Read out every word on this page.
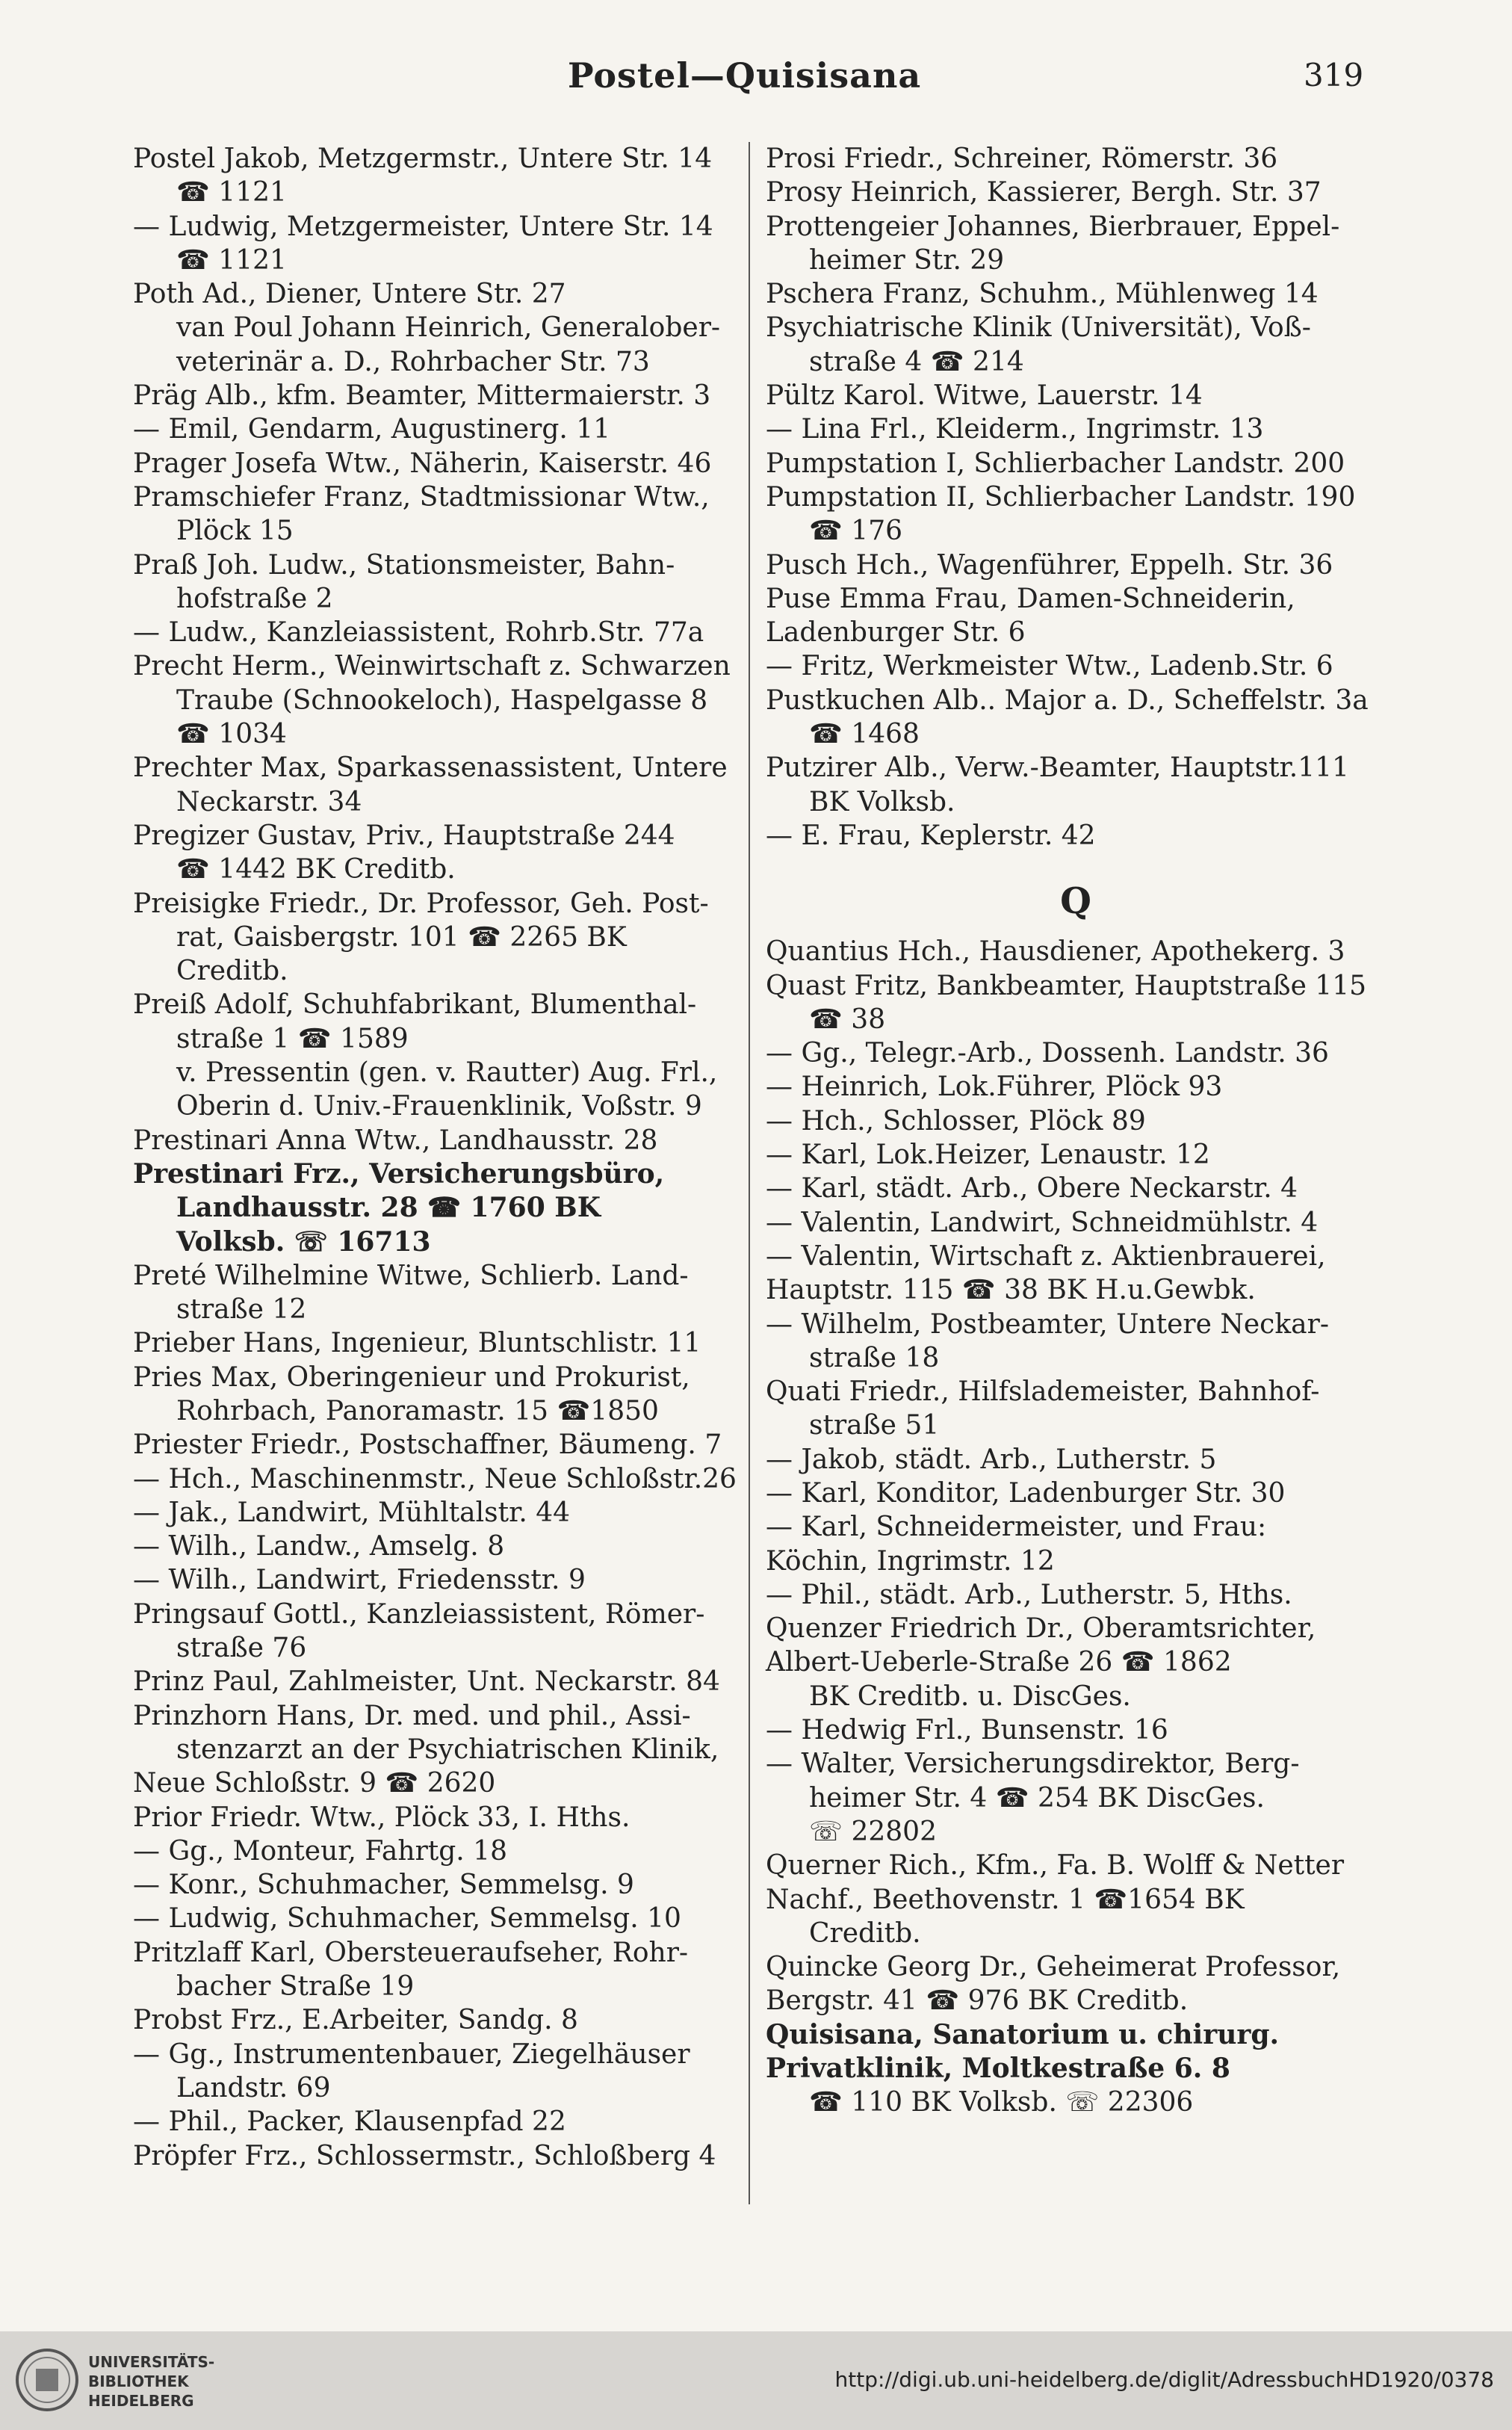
Postel—Quisisana	319
Postel Jakob, Metzgermstr., Untere Str. 14
☎ 1121
— Ludwig, Metzgermeister, Untere Str. 14
☎ 1121
Poth Ad., Diener, Untere Str. 27
van Poul Johann Heinrich, Generalober-
veterinär a. D., Rohrbacher Str. 73
Präg Alb., kfm. Beamter, Mittermaierstr. 3
— Emil, Gendarm, Augustinerg. 11
Prager Josefa Wtw., Näherin, Kaiserstr. 46
Pramschiefer Franz, Stadtmissionar Wtw.,
Plöck 15
Praß Joh. Ludw., Stationsmeister, Bahn-
hofstraße 2
— Ludw., Kanzleiassistent, Rohrb.Str. 77a
Precht Herm., Weinwirtschaft z. Schwarzen
Traube (Schnookeloch), Haspelgasse 8
☎ 1034
Prechter Max, Sparkassenassistent, Untere
Neckarstr. 34
Pregizer Gustav, Priv., Hauptstraße 244
☎ 1442 BK Creditb.
Preisigke Friedr., Dr. Professor, Geh. Post-
rat, Gaisbergstr. 101 ☎ 2265 BK
Creditb.
Preiß Adolf, Schuhfabrikant, Blumenthal-
straße 1 ☎ 1589
v. Pressentin (gen. v. Rautter) Aug. Frl.,
Oberin d. Univ.-Frauenklinik, Voßstr. 9
Prestinari Anna Wtw., Landhausstr. 28
Prestinari Frz., Versicherungsbüro,
Landhausstr. 28 ☎ 1760 BK
Volksb. ☏ 16713
Preté Wilhelmine Witwe, Schlierb. Land-
straße 12
Prieber Hans, Ingenieur, Bluntschlistr. 11
Pries Max, Oberingenieur und Prokurist,
Rohrbach, Panoramastr. 15 ☎1850
Priester Friedr., Postschaffner, Bäumeng. 7
— Hch., Maschinenmstr., Neue Schloßstr.26
— Jak., Landwirt, Mühltalstr. 44
— Wilh., Landw., Amselg. 8
— Wilh., Landwirt, Friedensstr. 9
Pringsauf Gottl., Kanzleiassistent, Römer-
straße 76
Prinz Paul, Zahlmeister, Unt. Neckarstr. 84
Prinzhorn Hans, Dr. med. und phil., Assi-
stenzarzt an der Psychiatrischen Klinik,
Neue Schloßstr. 9 ☎ 2620
Prior Friedr. Wtw., Plöck 33, I. Hths.
— Gg., Monteur, Fahrtg. 18
— Konr., Schuhmacher, Semmelsg. 9
— Ludwig, Schuhmacher, Semmelsg. 10
Pritzlaff Karl, Obersteueraufseher, Rohr-
bacher Straße 19
Probst Frz., E.Arbeiter, Sandg. 8
— Gg., Instrumentenbauer, Ziegelhäuser
Landstr. 69
— Phil., Packer, Klausenpfad 22
Pröpfer Frz., Schlossermstr., Schloßberg 4
Prosi Friedr., Schreiner, Römerstr. 36
Prosy Heinrich, Kassierer, Bergh. Str. 37
Prottengeier Johannes, Bierbrauer, Eppel-
heimer Str. 29
Pschera Franz, Schuhm., Mühlenweg 14
Psychiatrische Klinik (Universität), Voß-
straße 4 ☎ 214
Pültz Karol. Witwe, Lauerstr. 14
— Lina Frl., Kleiderm., Ingrimstr. 13
Pumpstation I, Schlierbacher Landstr. 200
Pumpstation II, Schlierbacher Landstr. 190
☎ 176
Pusch Hch., Wagenführer, Eppelh. Str. 36
Puse Emma Frau, Damen-Schneiderin,
Ladenburger Str. 6
— Fritz, Werkmeister Wtw., Ladenb.Str. 6
Pustkuchen Alb.. Major a. D., Scheffelstr. 3a
☎ 1468
Putzirer Alb., Verw.-Beamter, Hauptstr.111
BK Volksb.
— E. Frau, Keplerstr. 42
Q
Quantius Hch., Hausdiener, Apothekerg. 3
Quast Fritz, Bankbeamter, Hauptstraße 115
☎ 38
— Gg., Telegr.-Arb., Dossenh. Landstr. 36
— Heinrich, Lok.Führer, Plöck 93
— Hch., Schlosser, Plöck 89
— Karl, Lok.Heizer, Lenaustr. 12
— Karl, städt. Arb., Obere Neckarstr. 4
— Valentin, Landwirt, Schneidmühlstr. 4
— Valentin, Wirtschaft z. Aktienbrauerei,
Hauptstr. 115 ☎ 38 BK H.u.Gewbk.
— Wilhelm, Postbeamter, Untere Neckar-
straße 18
Quati Friedr., Hilfslademeister, Bahnhof-
straße 51
— Jakob, städt. Arb., Lutherstr. 5
— Karl, Konditor, Ladenburger Str. 30
— Karl, Schneidermeister, und Frau:
Köchin, Ingrimstr. 12
— Phil., städt. Arb., Lutherstr. 5, Hths.
Quenzer Friedrich Dr., Oberamtsrichter,
Albert-Ueberle-Straße 26 ☎ 1862
BK Creditb. u. DiscGes.
— Hedwig Frl., Bunsenstr. 16
— Walter, Versicherungsdirektor, Berg-
heimer Str. 4 ☎ 254 BK DiscGes.
☏ 22802
Querner Rich., Kfm., Fa. B. Wolff & Netter
Nachf., Beethovenstr. 1 ☎1654 BK
Creditb.
Quincke Georg Dr., Geheimerat Professor,
Bergstr. 41 ☎ 976 BK Creditb.
Quisisana, Sanatorium u. chirurg.
Privatklinik, Moltkestraße 6. 8
☎ 110 BK Volksb. ☏ 22306
UNIVERSITÄTS-
BIBLIOTHEK
HEIDELBERG
http://digi.ub.uni-heidelberg.de/diglit/AdressbuchHD1920/0378
